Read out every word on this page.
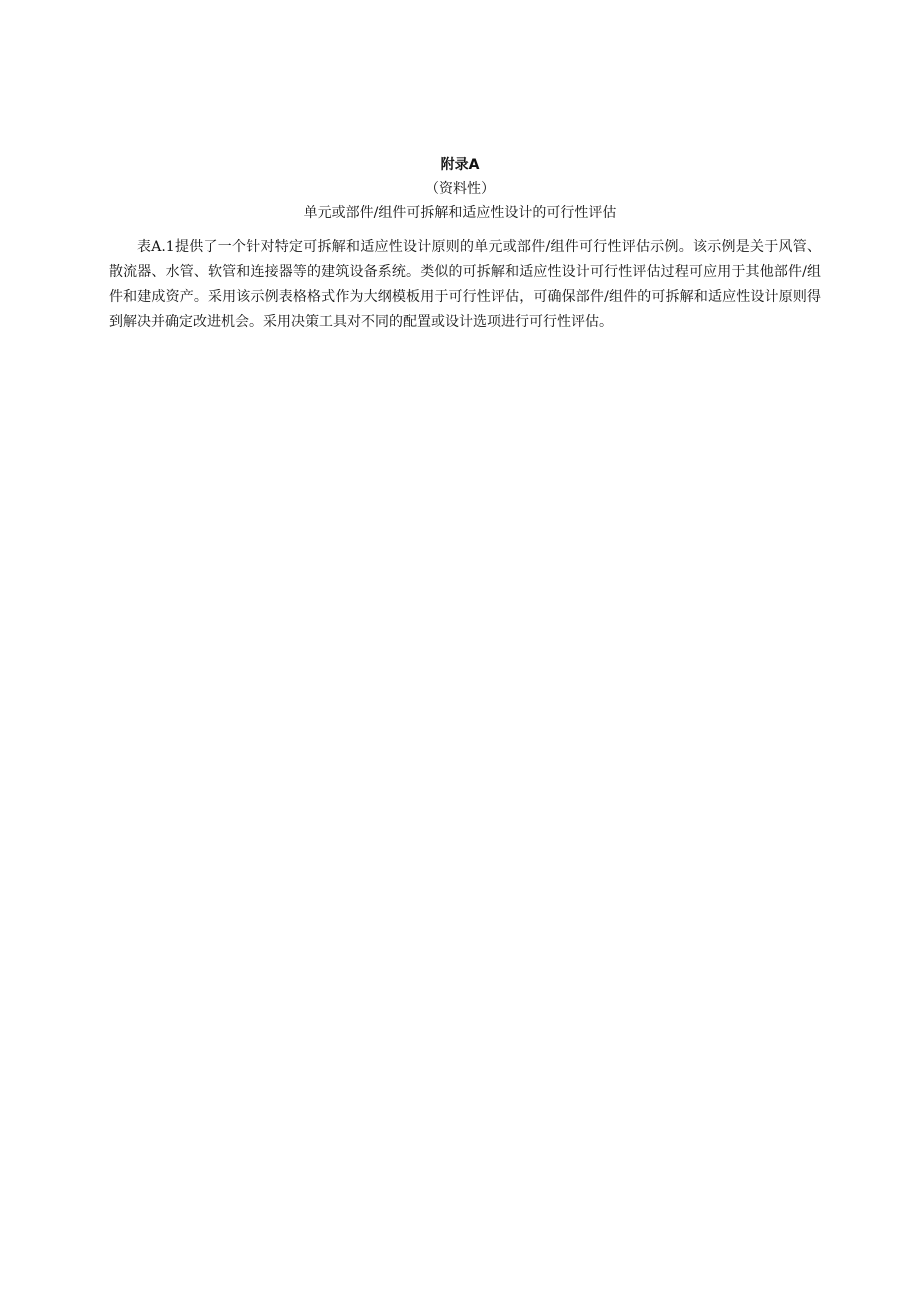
附录A
（资料性）
单元或部件/组件可拆解和适应性设计的可行性评估

表A.1提供了一个针对特定可拆解和适应性设计原则的单元或部件/组件可行性评估示例。该示例是关于风管、散流器、水管、软管和连接器等的建筑设备系统。类似的可拆解和适应性设计可行性评估过程可应用于其他部件/组件和建成资产。采用该示例表格格式作为大纲模板用于可行性评估，可确保部件/组件的可拆解和适应性设计原则得到解决并确定改进机会。采用决策工具对不同的配置或设计选项进行可行性评估。
